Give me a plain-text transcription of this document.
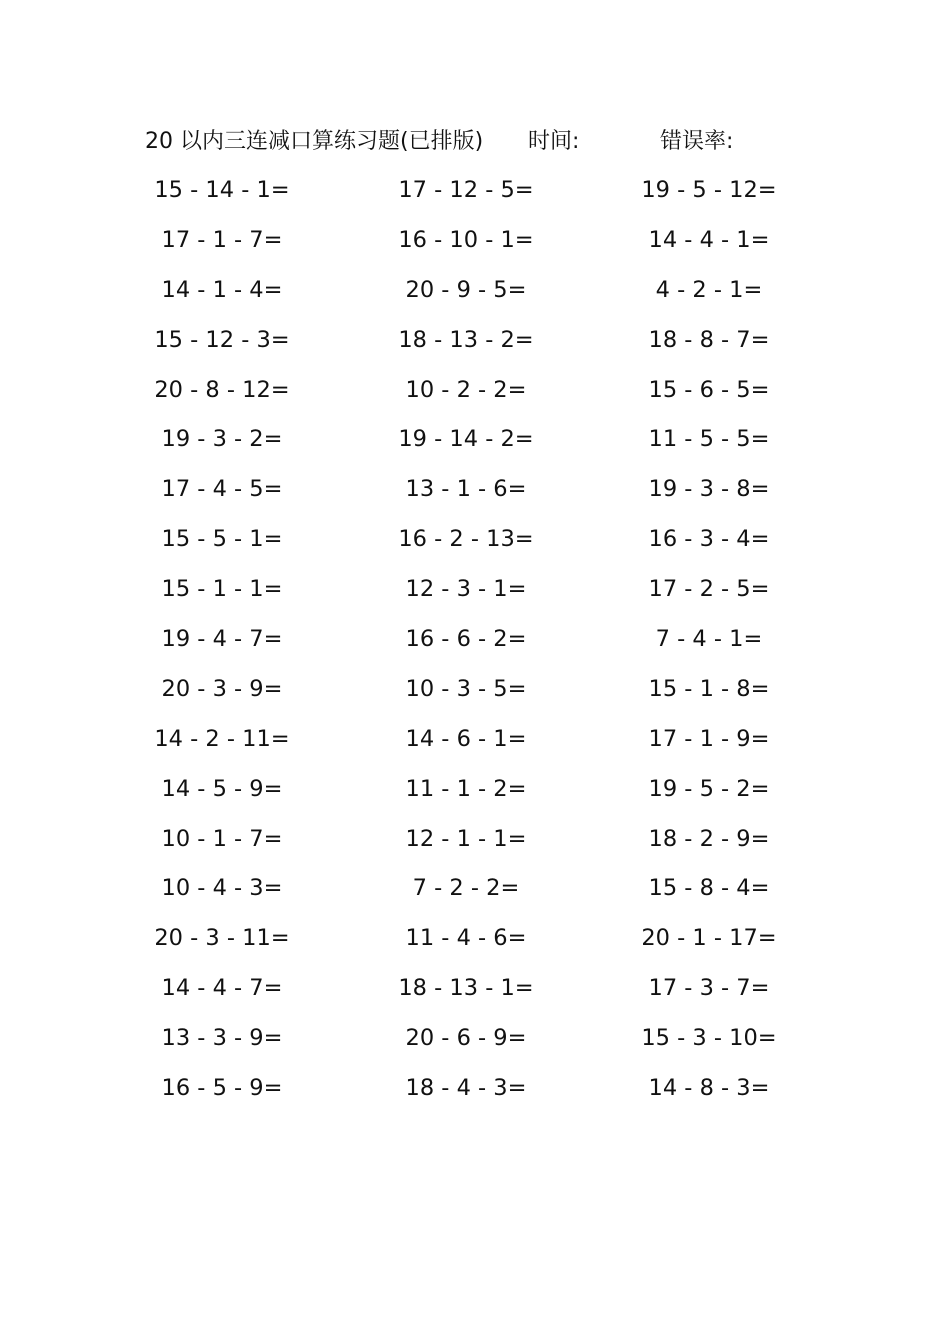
20 以内三连减口算练习题(已排版) 时间:	错误率:
15 - 14 - 1=	17 - 12 - 5=	19 - 5 - 12=
17 - 1 - 7=	16 - 10 - 1=	14 - 4 - 1=
14 - 1 - 4=	20 - 9 - 5=	4 - 2 - 1=
15 - 12 - 3=	18 - 13 - 2=	18 - 8 - 7=
20 - 8 - 12=	10 - 2 - 2=	15 - 6 - 5=
19 - 3 - 2=	19 - 14 - 2=	11 - 5 - 5=
17 - 4 - 5=	13 - 1 - 6=	19 - 3 - 8=
15 - 5 - 1=	16 - 2 - 13=	16 - 3 - 4=
15 - 1 - 1=	12 - 3 - 1=	17 - 2 - 5=
19 - 4 - 7=	16 - 6 - 2=	7 - 4 - 1=
20 - 3 - 9=	10 - 3 - 5=	15 - 1 - 8=
14 - 2 - 11=	14 - 6 - 1=	17 - 1 - 9=
14 - 5 - 9=	11 - 1 - 2=	19 - 5 - 2=
10 - 1 - 7=	12 - 1 - 1=	18 - 2 - 9=
10 - 4 - 3=	7 - 2 - 2=	15 - 8 - 4=
20 - 3 - 11=	11 - 4 - 6=	20 - 1 - 17=
14 - 4 - 7=	18 - 13 - 1=	17 - 3 - 7=
13 - 3 - 9=	20 - 6 - 9=	15 - 3 - 10=
16 - 5 - 9=	18 - 4 - 3=	14 - 8 - 3=
